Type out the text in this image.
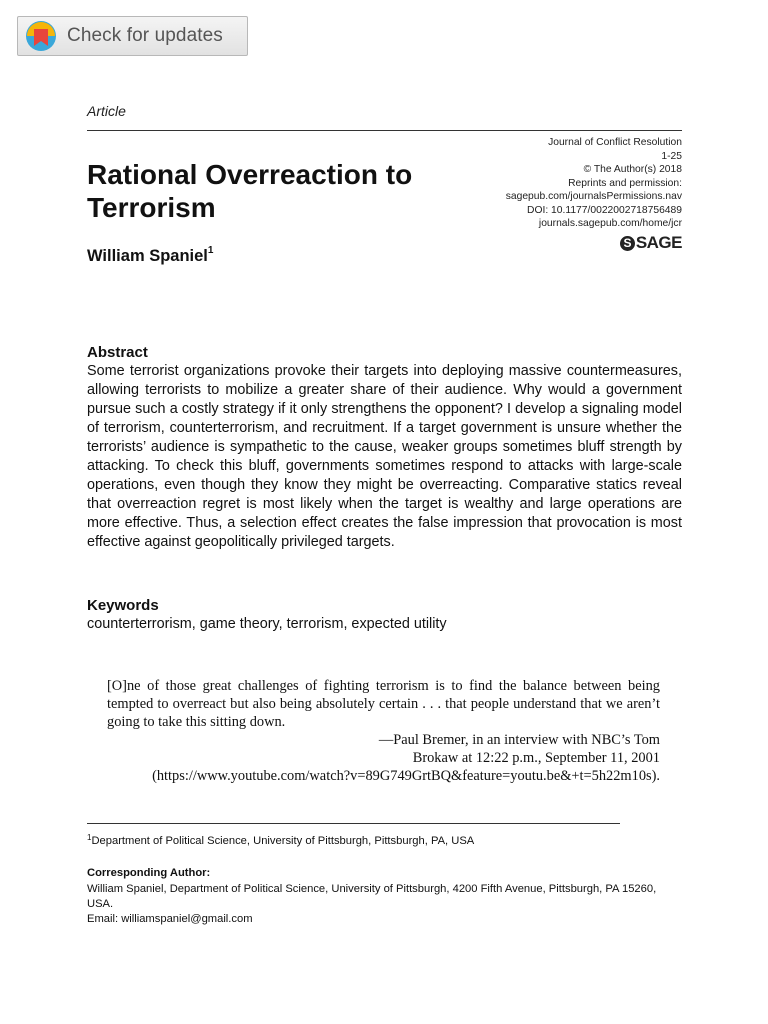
Check for updates
Article
Journal of Conflict Resolution
1-25
© The Author(s) 2018
Reprints and permission:
sagepub.com/journalsPermissions.nav
DOI: 10.1177/0022002718756489
journals.sagepub.com/home/jcr
S SAGE
Rational Overreaction to Terrorism
William Spaniel$^1$
Abstract
Some terrorist organizations provoke their targets into deploying massive countermeasures, allowing terrorists to mobilize a greater share of their audience. Why would a government pursue such a costly strategy if it only strengthens the opponent? I develop a signaling model of terrorism, counterterrorism, and recruitment. If a target government is unsure whether the terrorists’ audience is sympathetic to the cause, weaker groups sometimes bluff strength by attacking. To check this bluff, governments sometimes respond to attacks with large-scale operations, even though they know they might be overreacting. Comparative statics reveal that overreaction regret is most likely when the target is wealthy and large operations are more effective. Thus, a selection effect creates the false impression that provocation is most effective against geopolitically privileged targets.
Keywords
counterterrorism, game theory, terrorism, expected utility
[O]ne of those great challenges of fighting terrorism is to find the balance between being tempted to overreact but also being absolutely certain . . . that people understand that we aren’t going to take this sitting down.
—Paul Bremer, in an interview with NBC’s Tom
Brokaw at 12:22 p.m., September 11, 2001
(https://www.youtube.com/watch?v=89G749GrtBQ&feature=youtu.be&+t=5h22m10s).
$^1$Department of Political Science, University of Pittsburgh, Pittsburgh, PA, USA
Corresponding Author:
William Spaniel, Department of Political Science, University of Pittsburgh, 4200 Fifth Avenue, Pittsburgh, PA 15260, USA.
Email: williamspaniel@gmail.com
